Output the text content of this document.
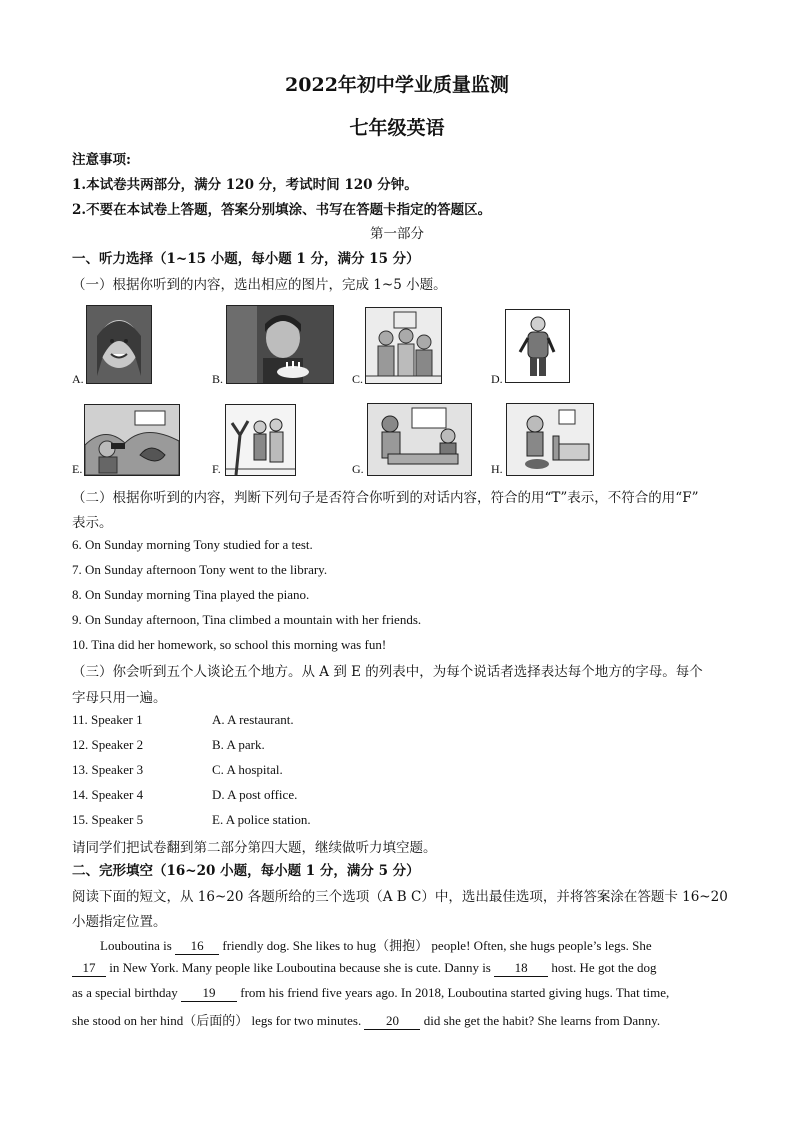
2022年初中学业质量监测
七年级英语
注意事项:
1.本试卷共两部分，满分 120 分，考试时间 120 分钟。
2.不要在本试卷上答题，答案分别填涂、书写在答题卡指定的答题区。
第一部分
一、听力选择（1~15 小题，每小题 1 分，满分 15 分）
（一）根据你听到的内容，选出相应的图片，完成 1~5 小题。
A.	B.	C.	D.
E.	F.	G.	H.
（二）根据你听到的内容，判断下列句子是否符合你听到的对话内容，符合的用“T”表示，不符合的用“F”
表示。
6. On Sunday morning Tony studied for a test.
7. On Sunday afternoon Tony went to the library.
8. On Sunday morning Tina played the piano.
9. On Sunday afternoon, Tina climbed a mountain with her friends.
10. Tina did her homework, so school this morning was fun!
（三）你会听到五个人谈论五个地方。从 A 到 E 的列表中，为每个说话者选择表达每个地方的字母。每个
字母只用一遍。
11. Speaker 1	A. A restaurant.
12. Speaker 2	B. A park.
13. Speaker 3	C. A hospital.
14. Speaker 4	D. A post office.
15. Speaker 5	E. A police station.
请同学们把试卷翻到第二部分第四大题，继续做听力填空题。
二、完形填空（16~20 小题，每小题 1 分，满分 5 分）
阅读下面的短文，从 16~20 各题所给的三个选项（A B C）中，选出最佳选项，并将答案涂在答题卡 16~20
小题指定位置。
Louboutina is 16 friendly dog. She likes to hug（拥抱） people! Often, she hugs people’s legs. She
17 in New York. Many people like Louboutina because she is cute. Danny is 18 host. He got the dog
as a special birthday 19 from his friend five years ago. In 2018, Louboutina started giving hugs. That time,
she stood on her hind（后面的） legs for two minutes. 20 did she get the habit? She learns from Danny.
